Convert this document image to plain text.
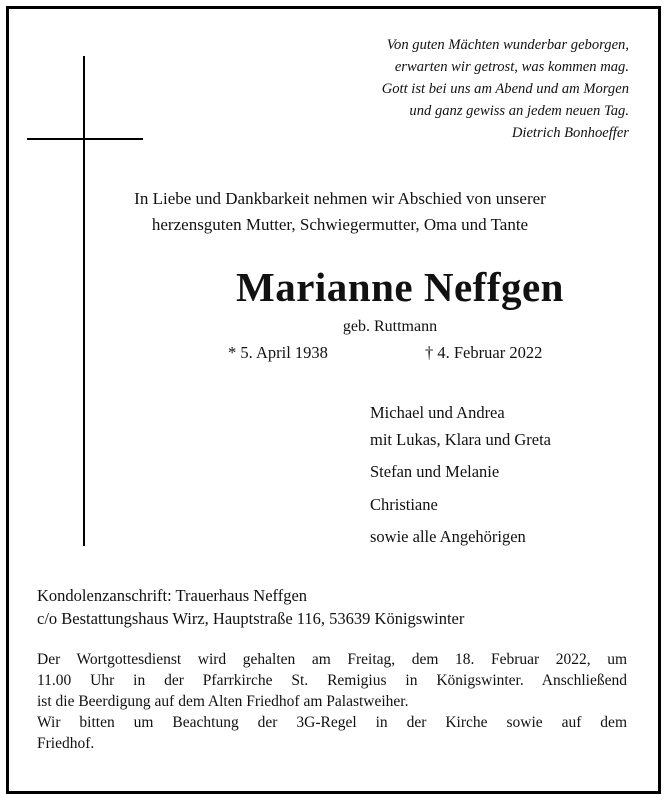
Von guten Mächten wunderbar geborgen,
erwarten wir getrost, was kommen mag.
Gott ist bei uns am Abend und am Morgen
und ganz gewiss an jedem neuen Tag.
Dietrich Bonhoeffer
In Liebe und Dankbarkeit nehmen wir Abschied von unserer
herzensguten Mutter, Schwiegermutter, Oma und Tante
Marianne Neffgen
geb. Ruttmann
* 5. April 1938	† 4. Februar 2022
Michael und Andrea
mit Lukas, Klara und Greta
Stefan und Melanie
Christiane
sowie alle Angehörigen
Kondolenzanschrift: Trauerhaus Neffgen
c/o Bestattungshaus Wirz, Hauptstraße 116, 53639 Königswinter
Der Wortgottesdienst wird gehalten am Freitag, dem 18. Februar 2022, um
11.00 Uhr in der Pfarrkirche St. Remigius in Königswinter. Anschließend
ist die Beerdigung auf dem Alten Friedhof am Palastweiher.
Wir bitten um Beachtung der 3G-Regel in der Kirche sowie auf dem
Friedhof.
